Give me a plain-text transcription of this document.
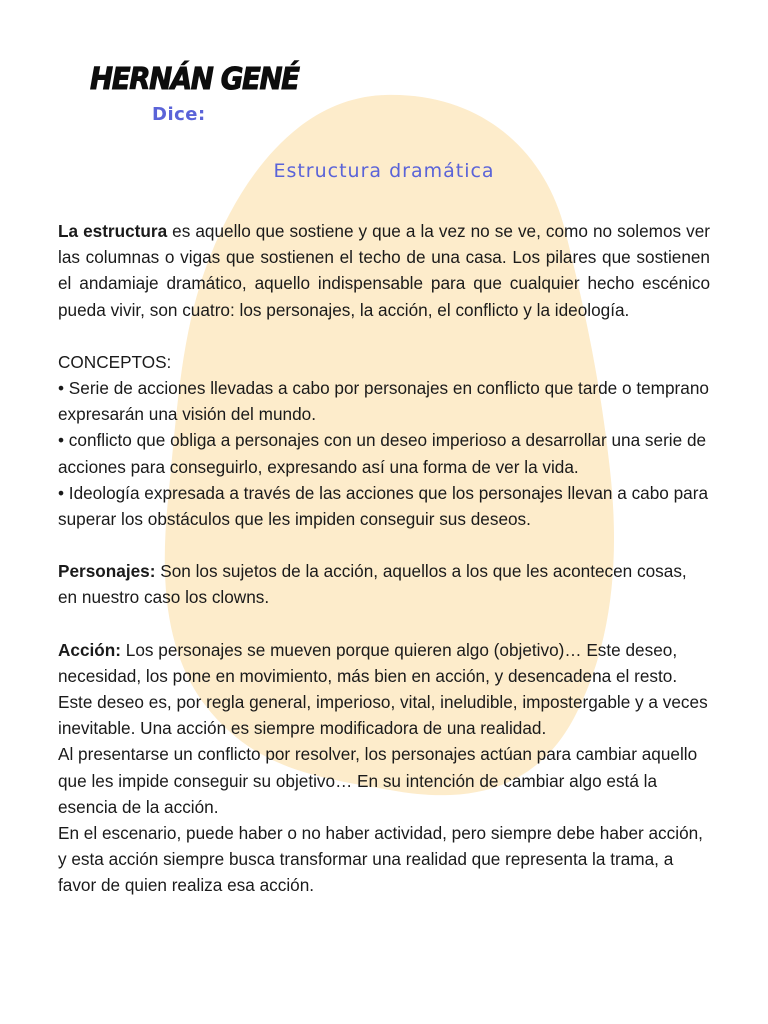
HERNÁN GENÉ
Dice:
Estructura dramática

La estructura es aquello que sostiene y que a la vez no se ve, como no solemos ver las columnas o vigas que sostienen el techo de una casa. Los pilares que sostienen el andamiaje dramático, aquello indispensable para que cualquier hecho escénico pueda vivir, son cuatro: los personajes, la acción, el conflicto y la ideología.

CONCEPTOS:

• Serie de acciones llevadas a cabo por personajes en conflicto que tarde o temprano expresarán una visión del mundo.

• conflicto que obliga a personajes con un deseo imperioso a desarrollar una serie de acciones para conseguirlo, expresando así una forma de ver la vida.

• Ideología expresada a través de las acciones que los personajes llevan a cabo para superar los obstáculos que les impiden conseguir sus deseos.

Personajes: Son los sujetos de la acción, aquellos a los que les acontecen cosas, en nuestro caso los clowns.

Acción: Los personajes se mueven porque quieren algo (objetivo)… Este deseo, necesidad, los pone en movimiento, más bien en acción, y desencadena el resto. Este deseo es, por regla general, imperioso, vital, ineludible, impostergable y a veces inevitable. Una acción es siempre modificadora de una realidad.

Al presentarse un conflicto por resolver, los personajes actúan para cambiar aquello que les impide conseguir su objetivo… En su intención de cambiar algo está la esencia de la acción.

En el escenario, puede haber o no haber actividad, pero siempre debe haber acción, y esta acción siempre busca transformar una realidad que representa la trama, a favor de quien realiza esa acción.
